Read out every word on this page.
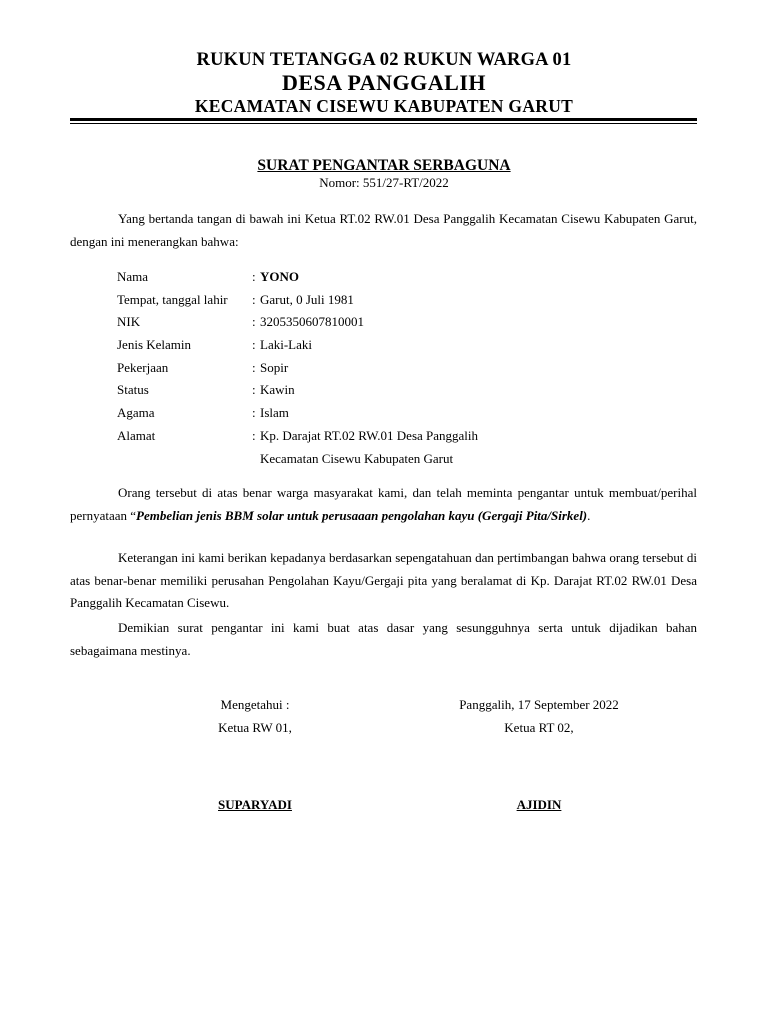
RUKUN TETANGGA 02 RUKUN WARGA 01
DESA PANGGALIH
KECAMATAN CISEWU KABUPATEN GARUT
SURAT PENGANTAR SERBAGUNA
Nomor: 551/27-RT/2022

Yang bertanda tangan di bawah ini Ketua RT.02 RW.01 Desa Panggalih Kecamatan Cisewu Kabupaten Garut, dengan ini menerangkan bahwa:

Nama	: YONO
Tempat, tanggal lahir : Garut, 0 Juli 1981
NIK	: 3205350607810001
Jenis Kelamin	: Laki-Laki
Pekerjaan	: Sopir
Status	: Kawin
Agama	: Islam
Alamat	: Kp. Darajat RT.02 RW.01 Desa Panggalih
Kecamatan Cisewu Kabupaten Garut

Orang tersebut di atas benar warga masyarakat kami, dan telah meminta pengantar untuk membuat/perihal pernyataan “Pembelian jenis BBM solar untuk perusaaan pengolahan kayu (Gergaji Pita/Sirkel).

Keterangan ini kami berikan kepadanya berdasarkan sepengatahuan dan pertimbangan bahwa orang tersebut di atas benar-benar memiliki perusahan Pengolahan Kayu/Gergaji pita yang beralamat di Kp. Darajat RT.02 RW.01 Desa Panggalih Kecamatan Cisewu.

Demikian surat pengantar ini kami buat atas dasar yang sesungguhnya serta untuk dijadikan bahan sebagaimana mestinya.

Mengetahui :
Ketua RW 01,
SUPARYADI
Panggalih, 17 September 2022
Ketua RT 02,
AJIDIN
